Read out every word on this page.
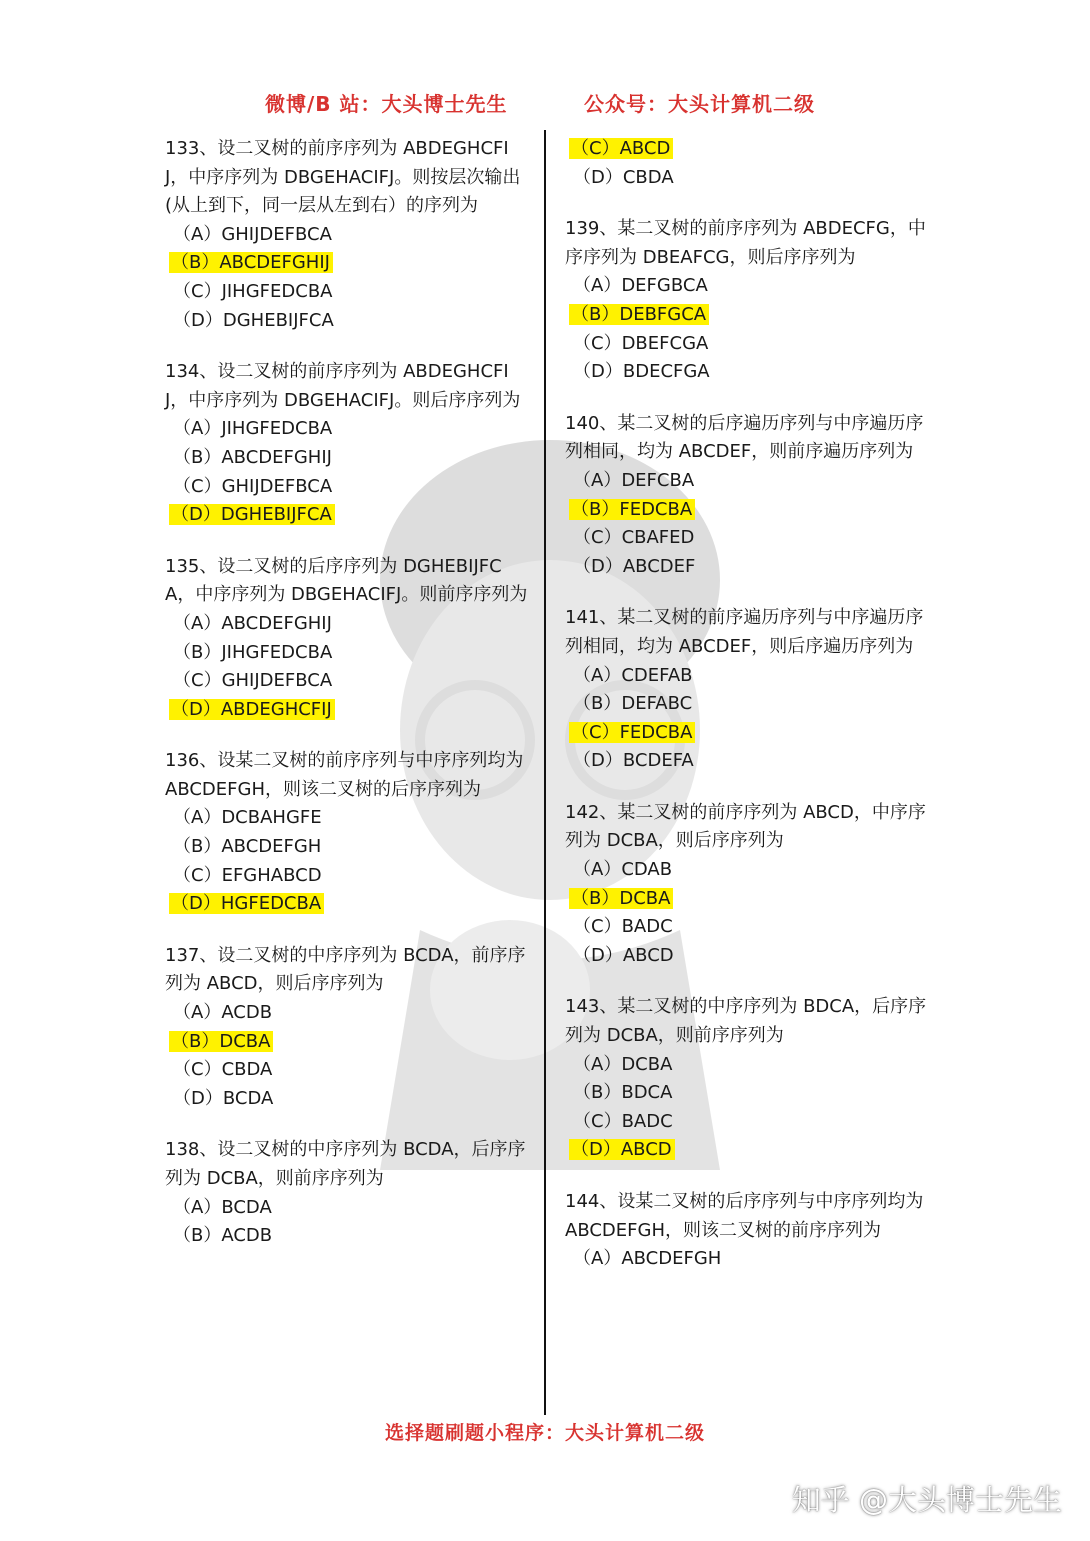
微博/B 站：大头博士先生	公众号：大头计算机二级
133、设二叉树的前序序列为 ABDEGHCFIJ，中序序列为 DBGEHACIFJ。则按层次输出(从上到下，同一层从左到右）的序列为
（A）GHIJDEFBCA
（B）ABCDEFGHIJ
（C）JIHGFEDCBA
（D）DGHEBIJFCA
134、设二叉树的前序序列为 ABDEGHCFIJ，中序序列为 DBGEHACIFJ。则后序序列为
（A）JIHGFEDCBA
（B）ABCDEFGHIJ
（C）GHIJDEFBCA
（D）DGHEBIJFCA
135、设二叉树的后序序列为 DGHEBIJFCA，中序序列为 DBGEHACIFJ。则前序序列为
（A）ABCDEFGHIJ
（B）JIHGFEDCBA
（C）GHIJDEFBCA
（D）ABDEGHCFIJ
136、设某二叉树的前序序列与中序序列均为 ABCDEFGH，则该二叉树的后序序列为
（A）DCBAHGFE
（B）ABCDEFGH
（C）EFGHABCD
（D）HGFEDCBA
137、设二叉树的中序序列为 BCDA，前序序列为 ABCD，则后序序列为
（A）ACDB
（B）DCBA
（C）CBDA
（D）BCDA
138、设二叉树的中序序列为 BCDA，后序序列为 DCBA，则前序序列为
（A）BCDA
（B）ACDB
（C）ABCD
（D）CBDA
139、某二叉树的前序序列为 ABDECFG，中序序列为 DBEAFCG，则后序序列为
（A）DEFGBCA
（B）DEBFGCA
（C）DBEFCGA
（D）BDECFGA
140、某二叉树的后序遍历序列与中序遍历序列相同，均为 ABCDEF，则前序遍历序列为
（A）DEFCBA
（B）FEDCBA
（C）CBAFED
（D）ABCDEF
141、某二叉树的前序遍历序列与中序遍历序列相同，均为 ABCDEF，则后序遍历序列为
（A）CDEFAB
（B）DEFABC
（C）FEDCBA
（D）BCDEFA
142、某二叉树的前序序列为 ABCD，中序序列为 DCBA，则后序序列为
（A）CDAB
（B）DCBA
（C）BADC
（D）ABCD
143、某二叉树的中序序列为 BDCA，后序序列为 DCBA，则前序序列为
（A）DCBA
（B）BDCA
（C）BADC
（D）ABCD
144、设某二叉树的后序序列与中序序列均为 ABCDEFGH，则该二叉树的前序序列为
（A）ABCDEFGH
选择题刷题小程序：大头计算机二级
知乎 @大头博士先生
